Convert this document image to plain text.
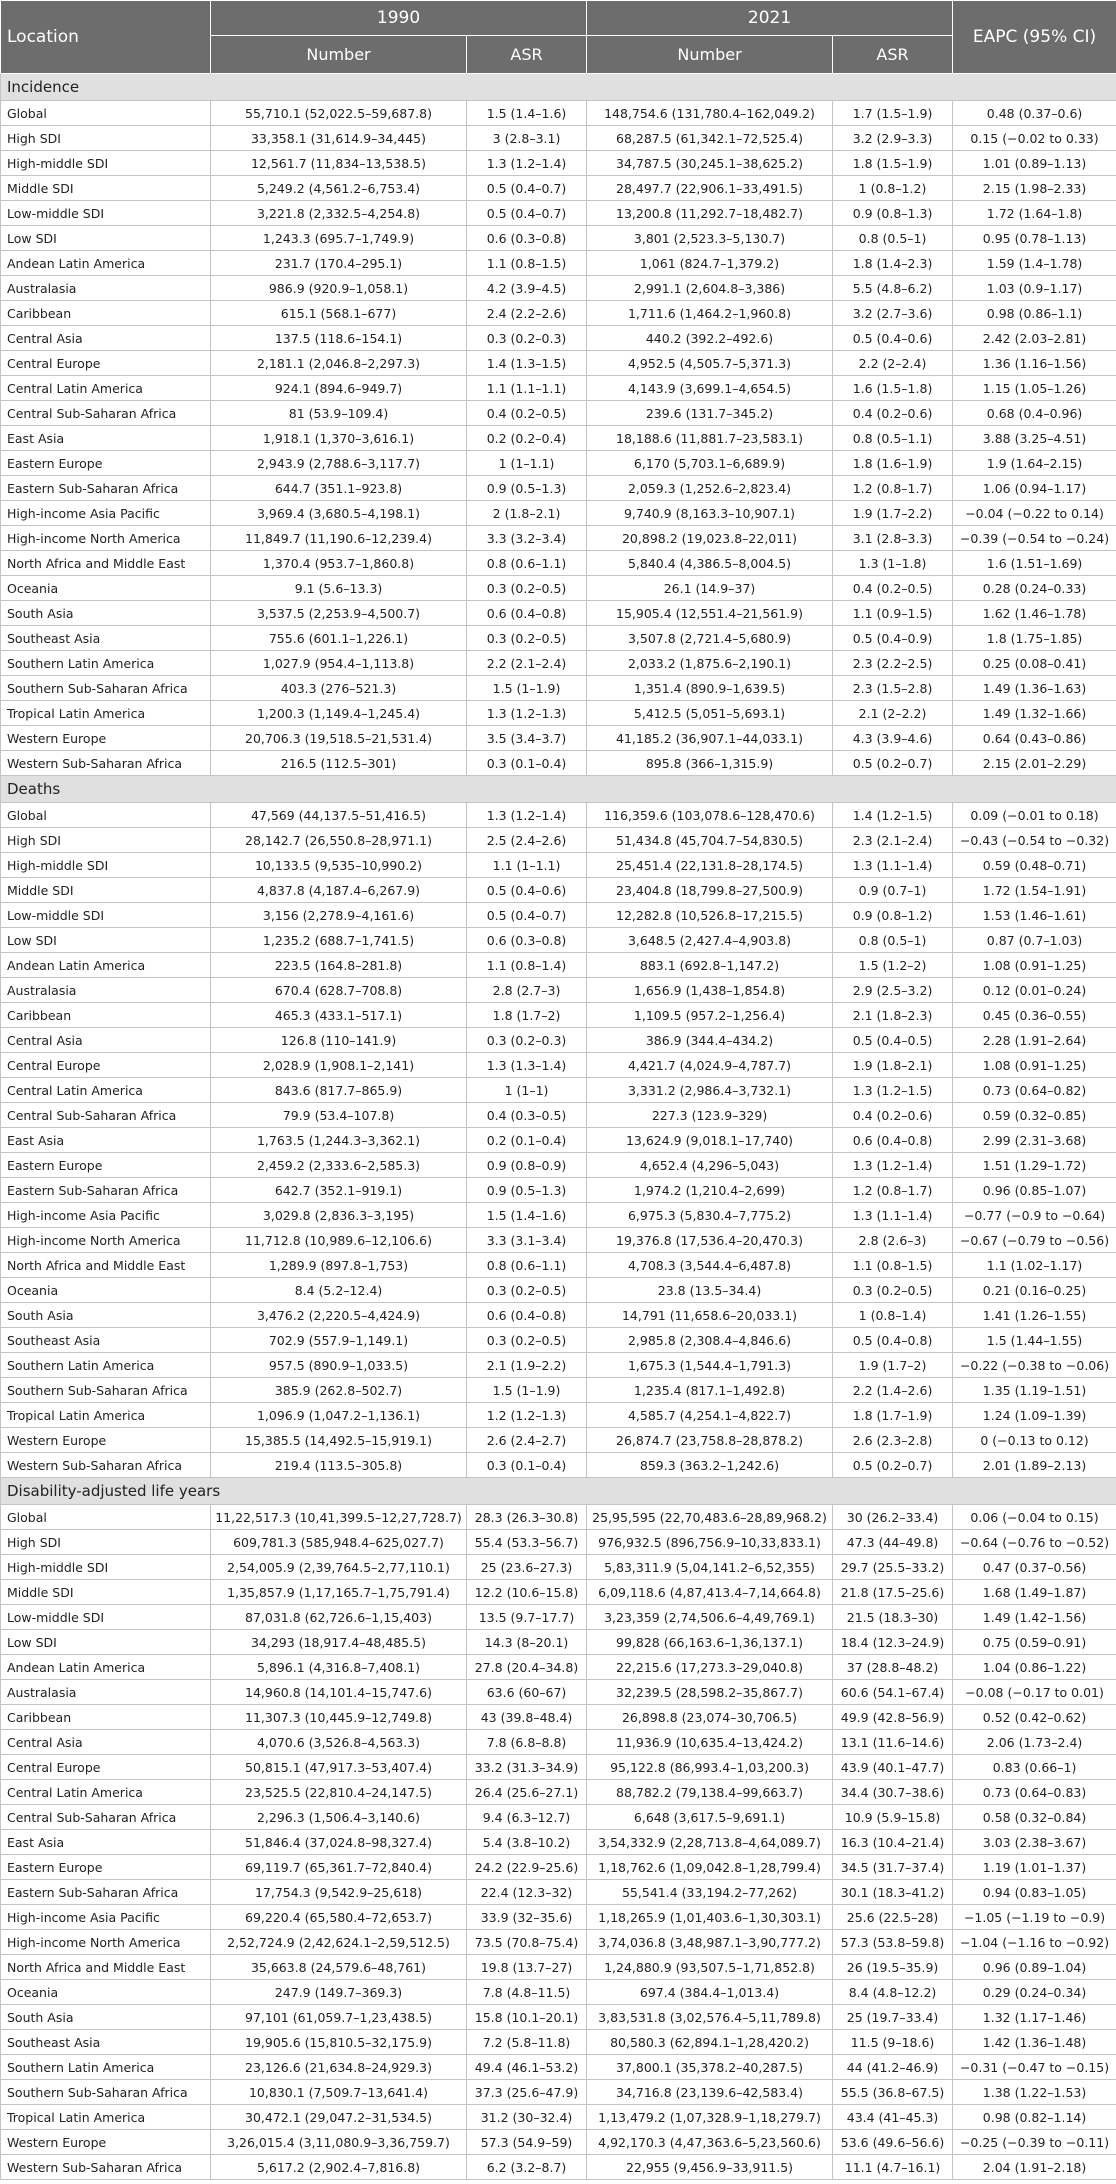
Location	1990		2021		EAPC (95% CI)
	Number	ASR	Number	ASR	
Incidence					
Global	55,710.1 (52,022.5–59,687.8)	1.5 (1.4–1.6)	148,754.6 (131,780.4–162,049.2)	1.7 (1.5–1.9)	0.48 (0.37–0.6)
High SDI	33,358.1 (31,614.9–34,445)	3 (2.8–3.1)	68,287.5 (61,342.1–72,525.4)	3.2 (2.9–3.3)	0.15 (−0.02 to 0.33)
High-middle SDI	12,561.7 (11,834–13,538.5)	1.3 (1.2–1.4)	34,787.5 (30,245.1–38,625.2)	1.8 (1.5–1.9)	1.01 (0.89–1.13)
Middle SDI	5,249.2 (4,561.2–6,753.4)	0.5 (0.4–0.7)	28,497.7 (22,906.1–33,491.5)	1 (0.8–1.2)	2.15 (1.98–2.33)
Low-middle SDI	3,221.8 (2,332.5–4,254.8)	0.5 (0.4–0.7)	13,200.8 (11,292.7–18,482.7)	0.9 (0.8–1.3)	1.72 (1.64–1.8)
Low SDI	1,243.3 (695.7–1,749.9)	0.6 (0.3–0.8)	3,801 (2,523.3–5,130.7)	0.8 (0.5–1)	0.95 (0.78–1.13)
Andean Latin America	231.7 (170.4–295.1)	1.1 (0.8–1.5)	1,061 (824.7–1,379.2)	1.8 (1.4–2.3)	1.59 (1.4–1.78)
Australasia	986.9 (920.9–1,058.1)	4.2 (3.9–4.5)	2,991.1 (2,604.8–3,386)	5.5 (4.8–6.2)	1.03 (0.9–1.17)
Caribbean	615.1 (568.1–677)	2.4 (2.2–2.6)	1,711.6 (1,464.2–1,960.8)	3.2 (2.7–3.6)	0.98 (0.86–1.1)
Central Asia	137.5 (118.6–154.1)	0.3 (0.2–0.3)	440.2 (392.2–492.6)	0.5 (0.4–0.6)	2.42 (2.03–2.81)
Central Europe	2,181.1 (2,046.8–2,297.3)	1.4 (1.3–1.5)	4,952.5 (4,505.7–5,371.3)	2.2 (2–2.4)	1.36 (1.16–1.56)
Central Latin America	924.1 (894.6–949.7)	1.1 (1.1–1.1)	4,143.9 (3,699.1–4,654.5)	1.6 (1.5–1.8)	1.15 (1.05–1.26)
Central Sub-Saharan Africa	81 (53.9–109.4)	0.4 (0.2–0.5)	239.6 (131.7–345.2)	0.4 (0.2–0.6)	0.68 (0.4–0.96)
East Asia	1,918.1 (1,370–3,616.1)	0.2 (0.2–0.4)	18,188.6 (11,881.7–23,583.1)	0.8 (0.5–1.1)	3.88 (3.25–4.51)
Eastern Europe	2,943.9 (2,788.6–3,117.7)	1 (1–1.1)	6,170 (5,703.1–6,689.9)	1.8 (1.6–1.9)	1.9 (1.64–2.15)
Eastern Sub-Saharan Africa	644.7 (351.1–923.8)	0.9 (0.5–1.3)	2,059.3 (1,252.6–2,823.4)	1.2 (0.8–1.7)	1.06 (0.94–1.17)
High-income Asia Pacific	3,969.4 (3,680.5–4,198.1)	2 (1.8–2.1)	9,740.9 (8,163.3–10,907.1)	1.9 (1.7–2.2)	−0.04 (−0.22 to 0.14)
High-income North America	11,849.7 (11,190.6–12,239.4)	3.3 (3.2–3.4)	20,898.2 (19,023.8–22,011)	3.1 (2.8–3.3)	−0.39 (−0.54 to −0.24)
North Africa and Middle East	1,370.4 (953.7–1,860.8)	0.8 (0.6–1.1)	5,840.4 (4,386.5–8,004.5)	1.3 (1–1.8)	1.6 (1.51–1.69)
Oceania	9.1 (5.6–13.3)	0.3 (0.2–0.5)	26.1 (14.9–37)	0.4 (0.2–0.5)	0.28 (0.24–0.33)
South Asia	3,537.5 (2,253.9–4,500.7)	0.6 (0.4–0.8)	15,905.4 (12,551.4–21,561.9)	1.1 (0.9–1.5)	1.62 (1.46–1.78)
Southeast Asia	755.6 (601.1–1,226.1)	0.3 (0.2–0.5)	3,507.8 (2,721.4–5,680.9)	0.5 (0.4–0.9)	1.8 (1.75–1.85)
Southern Latin America	1,027.9 (954.4–1,113.8)	2.2 (2.1–2.4)	2,033.2 (1,875.6–2,190.1)	2.3 (2.2–2.5)	0.25 (0.08–0.41)
Southern Sub-Saharan Africa	403.3 (276–521.3)	1.5 (1–1.9)	1,351.4 (890.9–1,639.5)	2.3 (1.5–2.8)	1.49 (1.36–1.63)
Tropical Latin America	1,200.3 (1,149.4–1,245.4)	1.3 (1.2–1.3)	5,412.5 (5,051–5,693.1)	2.1 (2–2.2)	1.49 (1.32–1.66)
Western Europe	20,706.3 (19,518.5–21,531.4)	3.5 (3.4–3.7)	41,185.2 (36,907.1–44,033.1)	4.3 (3.9–4.6)	0.64 (0.43–0.86)
Western Sub-Saharan Africa	216.5 (112.5–301)	0.3 (0.1–0.4)	895.8 (366–1,315.9)	0.5 (0.2–0.7)	2.15 (2.01–2.29)
Deaths					
Global	47,569 (44,137.5–51,416.5)	1.3 (1.2–1.4)	116,359.6 (103,078.6–128,470.6)	1.4 (1.2–1.5)	0.09 (−0.01 to 0.18)
High SDI	28,142.7 (26,550.8–28,971.1)	2.5 (2.4–2.6)	51,434.8 (45,704.7–54,830.5)	2.3 (2.1–2.4)	−0.43 (−0.54 to −0.32)
High-middle SDI	10,133.5 (9,535–10,990.2)	1.1 (1–1.1)	25,451.4 (22,131.8–28,174.5)	1.3 (1.1–1.4)	0.59 (0.48–0.71)
Middle SDI	4,837.8 (4,187.4–6,267.9)	0.5 (0.4–0.6)	23,404.8 (18,799.8–27,500.9)	0.9 (0.7–1)	1.72 (1.54–1.91)
Low-middle SDI	3,156 (2,278.9–4,161.6)	0.5 (0.4–0.7)	12,282.8 (10,526.8–17,215.5)	0.9 (0.8–1.2)	1.53 (1.46–1.61)
Low SDI	1,235.2 (688.7–1,741.5)	0.6 (0.3–0.8)	3,648.5 (2,427.4–4,903.8)	0.8 (0.5–1)	0.87 (0.7–1.03)
Andean Latin America	223.5 (164.8–281.8)	1.1 (0.8–1.4)	883.1 (692.8–1,147.2)	1.5 (1.2–2)	1.08 (0.91–1.25)
Australasia	670.4 (628.7–708.8)	2.8 (2.7–3)	1,656.9 (1,438–1,854.8)	2.9 (2.5–3.2)	0.12 (0.01–0.24)
Caribbean	465.3 (433.1–517.1)	1.8 (1.7–2)	1,109.5 (957.2–1,256.4)	2.1 (1.8–2.3)	0.45 (0.36–0.55)
Central Asia	126.8 (110–141.9)	0.3 (0.2–0.3)	386.9 (344.4–434.2)	0.5 (0.4–0.5)	2.28 (1.91–2.64)
Central Europe	2,028.9 (1,908.1–2,141)	1.3 (1.3–1.4)	4,421.7 (4,024.9–4,787.7)	1.9 (1.8–2.1)	1.08 (0.91–1.25)
Central Latin America	843.6 (817.7–865.9)	1 (1–1)	3,331.2 (2,986.4–3,732.1)	1.3 (1.2–1.5)	0.73 (0.64–0.82)
Central Sub-Saharan Africa	79.9 (53.4–107.8)	0.4 (0.3–0.5)	227.3 (123.9–329)	0.4 (0.2–0.6)	0.59 (0.32–0.85)
East Asia	1,763.5 (1,244.3–3,362.1)	0.2 (0.1–0.4)	13,624.9 (9,018.1–17,740)	0.6 (0.4–0.8)	2.99 (2.31–3.68)
Eastern Europe	2,459.2 (2,333.6–2,585.3)	0.9 (0.8–0.9)	4,652.4 (4,296–5,043)	1.3 (1.2–1.4)	1.51 (1.29–1.72)
Eastern Sub-Saharan Africa	642.7 (352.1–919.1)	0.9 (0.5–1.3)	1,974.2 (1,210.4–2,699)	1.2 (0.8–1.7)	0.96 (0.85–1.07)
High-income Asia Pacific	3,029.8 (2,836.3–3,195)	1.5 (1.4–1.6)	6,975.3 (5,830.4–7,775.2)	1.3 (1.1–1.4)	−0.77 (−0.9 to −0.64)
High-income North America	11,712.8 (10,989.6–12,106.6)	3.3 (3.1–3.4)	19,376.8 (17,536.4–20,470.3)	2.8 (2.6–3)	−0.67 (−0.79 to −0.56)
North Africa and Middle East	1,289.9 (897.8–1,753)	0.8 (0.6–1.1)	4,708.3 (3,544.4–6,487.8)	1.1 (0.8–1.5)	1.1 (1.02–1.17)
Oceania	8.4 (5.2–12.4)	0.3 (0.2–0.5)	23.8 (13.5–34.4)	0.3 (0.2–0.5)	0.21 (0.16–0.25)
South Asia	3,476.2 (2,220.5–4,424.9)	0.6 (0.4–0.8)	14,791 (11,658.6–20,033.1)	1 (0.8–1.4)	1.41 (1.26–1.55)
Southeast Asia	702.9 (557.9–1,149.1)	0.3 (0.2–0.5)	2,985.8 (2,308.4–4,846.6)	0.5 (0.4–0.8)	1.5 (1.44–1.55)
Southern Latin America	957.5 (890.9–1,033.5)	2.1 (1.9–2.2)	1,675.3 (1,544.4–1,791.3)	1.9 (1.7–2)	−0.22 (−0.38 to −0.06)
Southern Sub-Saharan Africa	385.9 (262.8–502.7)	1.5 (1–1.9)	1,235.4 (817.1–1,492.8)	2.2 (1.4–2.6)	1.35 (1.19–1.51)
Tropical Latin America	1,096.9 (1,047.2–1,136.1)	1.2 (1.2–1.3)	4,585.7 (4,254.1–4,822.7)	1.8 (1.7–1.9)	1.24 (1.09–1.39)
Western Europe	15,385.5 (14,492.5–15,919.1)	2.6 (2.4–2.7)	26,874.7 (23,758.8–28,878.2)	2.6 (2.3–2.8)	0 (−0.13 to 0.12)
Western Sub-Saharan Africa	219.4 (113.5–305.8)	0.3 (0.1–0.4)	859.3 (363.2–1,242.6)	0.5 (0.2–0.7)	2.01 (1.89–2.13)
Disability-adjusted life years					
Global	11,22,517.3 (10,41,399.5–12,27,728.7)	28.3 (26.3–30.8)	25,95,595 (22,70,483.6–28,89,968.2)	30 (26.2–33.4)	0.06 (−0.04 to 0.15)
High SDI	609,781.3 (585,948.4–625,027.7)	55.4 (53.3–56.7)	976,932.5 (896,756.9–10,33,833.1)	47.3 (44–49.8)	−0.64 (−0.76 to −0.52)
High-middle SDI	2,54,005.9 (2,39,764.5–2,77,110.1)	25 (23.6–27.3)	5,83,311.9 (5,04,141.2–6,52,355)	29.7 (25.5–33.2)	0.47 (0.37–0.56)
Middle SDI	1,35,857.9 (1,17,165.7–1,75,791.4)	12.2 (10.6–15.8)	6,09,118.6 (4,87,413.4–7,14,664.8)	21.8 (17.5–25.6)	1.68 (1.49–1.87)
Low-middle SDI	87,031.8 (62,726.6–1,15,403)	13.5 (9.7–17.7)	3,23,359 (2,74,506.6–4,49,769.1)	21.5 (18.3–30)	1.49 (1.42–1.56)
Low SDI	34,293 (18,917.4–48,485.5)	14.3 (8–20.1)	99,828 (66,163.6–1,36,137.1)	18.4 (12.3–24.9)	0.75 (0.59–0.91)
Andean Latin America	5,896.1 (4,316.8–7,408.1)	27.8 (20.4–34.8)	22,215.6 (17,273.3–29,040.8)	37 (28.8–48.2)	1.04 (0.86–1.22)
Australasia	14,960.8 (14,101.4–15,747.6)	63.6 (60–67)	32,239.5 (28,598.2–35,867.7)	60.6 (54.1–67.4)	−0.08 (−0.17 to 0.01)
Caribbean	11,307.3 (10,445.9–12,749.8)	43 (39.8–48.4)	26,898.8 (23,074–30,706.5)	49.9 (42.8–56.9)	0.52 (0.42–0.62)
Central Asia	4,070.6 (3,526.8–4,563.3)	7.8 (6.8–8.8)	11,936.9 (10,635.4–13,424.2)	13.1 (11.6–14.6)	2.06 (1.73–2.4)
Central Europe	50,815.1 (47,917.3–53,407.4)	33.2 (31.3–34.9)	95,122.8 (86,993.4–1,03,200.3)	43.9 (40.1–47.7)	0.83 (0.66–1)
Central Latin America	23,525.5 (22,810.4–24,147.5)	26.4 (25.6–27.1)	88,782.2 (79,138.4–99,663.7)	34.4 (30.7–38.6)	0.73 (0.64–0.83)
Central Sub-Saharan Africa	2,296.3 (1,506.4–3,140.6)	9.4 (6.3–12.7)	6,648 (3,617.5–9,691.1)	10.9 (5.9–15.8)	0.58 (0.32–0.84)
East Asia	51,846.4 (37,024.8–98,327.4)	5.4 (3.8–10.2)	3,54,332.9 (2,28,713.8–4,64,089.7)	16.3 (10.4–21.4)	3.03 (2.38–3.67)
Eastern Europe	69,119.7 (65,361.7–72,840.4)	24.2 (22.9–25.6)	1,18,762.6 (1,09,042.8–1,28,799.4)	34.5 (31.7–37.4)	1.19 (1.01–1.37)
Eastern Sub-Saharan Africa	17,754.3 (9,542.9–25,618)	22.4 (12.3–32)	55,541.4 (33,194.2–77,262)	30.1 (18.3–41.2)	0.94 (0.83–1.05)
High-income Asia Pacific	69,220.4 (65,580.4–72,653.7)	33.9 (32–35.6)	1,18,265.9 (1,01,403.6–1,30,303.1)	25.6 (22.5–28)	−1.05 (−1.19 to −0.9)
High-income North America	2,52,724.9 (2,42,624.1–2,59,512.5)	73.5 (70.8–75.4)	3,74,036.8 (3,48,987.1–3,90,777.2)	57.3 (53.8–59.8)	−1.04 (−1.16 to −0.92)
North Africa and Middle East	35,663.8 (24,579.6–48,761)	19.8 (13.7–27)	1,24,880.9 (93,507.5–1,71,852.8)	26 (19.5–35.9)	0.96 (0.89–1.04)
Oceania	247.9 (149.7–369.3)	7.8 (4.8–11.5)	697.4 (384.4–1,013.4)	8.4 (4.8–12.2)	0.29 (0.24–0.34)
South Asia	97,101 (61,059.7–1,23,438.5)	15.8 (10.1–20.1)	3,83,531.8 (3,02,576.4–5,11,789.8)	25 (19.7–33.4)	1.32 (1.17–1.46)
Southeast Asia	19,905.6 (15,810.5–32,175.9)	7.2 (5.8–11.8)	80,580.3 (62,894.1–1,28,420.2)	11.5 (9–18.6)	1.42 (1.36–1.48)
Southern Latin America	23,126.6 (21,634.8–24,929.3)	49.4 (46.1–53.2)	37,800.1 (35,378.2–40,287.5)	44 (41.2–46.9)	−0.31 (−0.47 to −0.15)
Southern Sub-Saharan Africa	10,830.1 (7,509.7–13,641.4)	37.3 (25.6–47.9)	34,716.8 (23,139.6–42,583.4)	55.5 (36.8–67.5)	1.38 (1.22–1.53)
Tropical Latin America	30,472.1 (29,047.2–31,534.5)	31.2 (30–32.4)	1,13,479.2 (1,07,328.9–1,18,279.7)	43.4 (41–45.3)	0.98 (0.82–1.14)
Western Europe	3,26,015.4 (3,11,080.9–3,36,759.7)	57.3 (54.9–59)	4,92,170.3 (4,47,363.6–5,23,560.6)	53.6 (49.6–56.6)	−0.25 (−0.39 to −0.11)
Western Sub-Saharan Africa	5,617.2 (2,902.4–7,816.8)	6.2 (3.2–8.7)	22,955 (9,456.9–33,911.5)	11.1 (4.7–16.1)	2.04 (1.91–2.18)
